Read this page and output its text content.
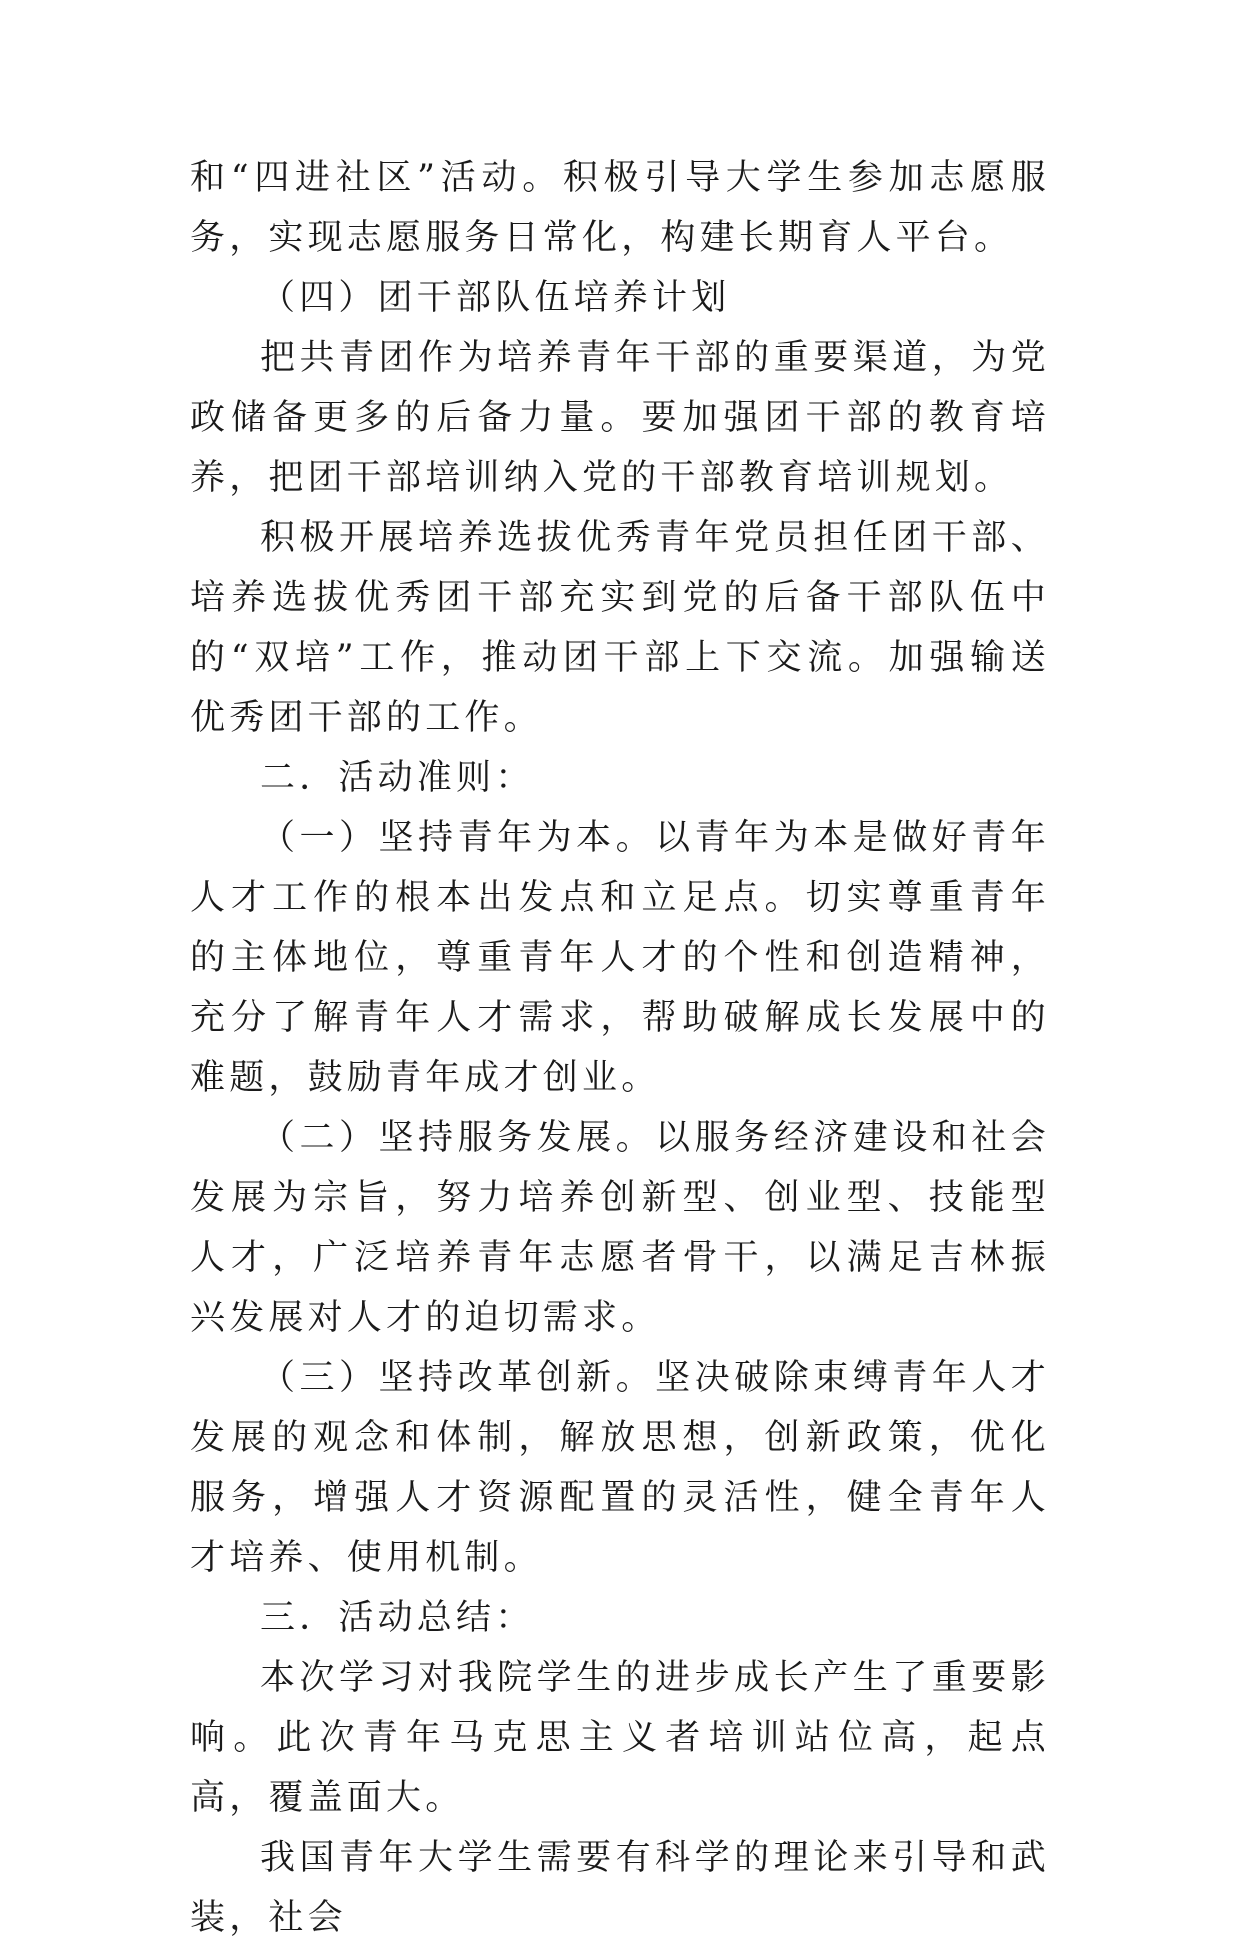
和“四进社区”活动。积极引导大学生参加志愿服务，实现志愿服务日常化，构建长期育人平台。

（四）团干部队伍培养计划

把共青团作为培养青年干部的重要渠道，为党政储备更多的后备力量。要加强团干部的教育培养，把团干部培训纳入党的干部教育培训规划。

积极开展培养选拔优秀青年党员担任团干部、培养选拔优秀团干部充实到党的后备干部队伍中的“双培”工作，推动团干部上下交流。加强输送优秀团干部的工作。

二．活动准则：

（一）坚持青年为本。以青年为本是做好青年人才工作的根本出发点和立足点。切实尊重青年的主体地位，尊重青年人才的个性和创造精神，充分了解青年人才需求，帮助破解成长发展中的难题，鼓励青年成才创业。

（二）坚持服务发展。以服务经济建设和社会发展为宗旨，努力培养创新型、创业型、技能型人才，广泛培养青年志愿者骨干，以满足吉林振兴发展对人才的迫切需求。

（三）坚持改革创新。坚决破除束缚青年人才发展的观念和体制，解放思想，创新政策，优化服务，增强人才资源配置的灵活性，健全青年人才培养、使用机制。

三．活动总结：

本次学习对我院学生的进步成长产生了重要影响。此次青年马克思主义者培训站位高，起点高，覆盖面大。

我国青年大学生需要有科学的理论来引导和武装，社会
